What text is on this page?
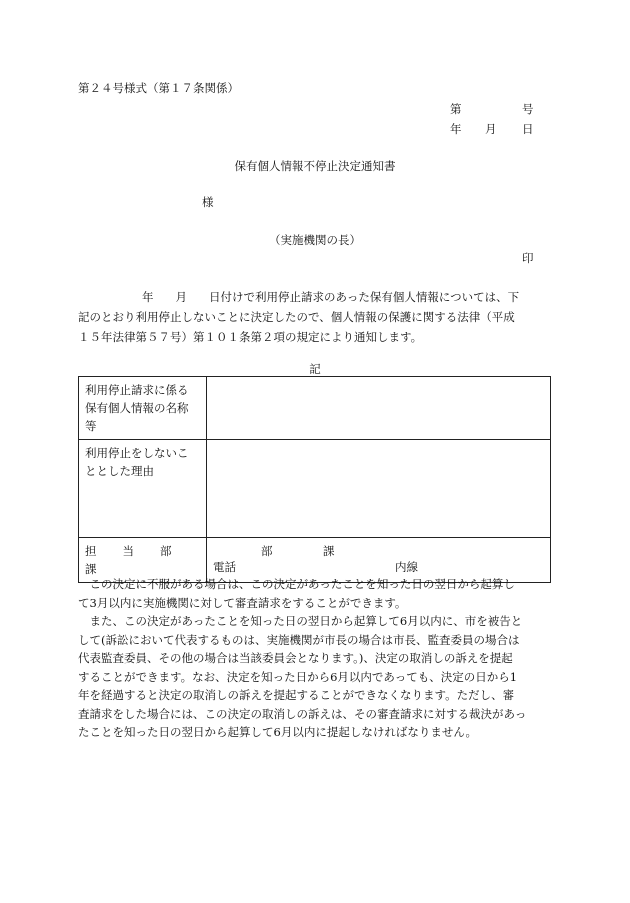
第２４号様式（第１７条関係）
第	号
年 月 日
保有個人情報不停止決定通知書
様
（実施機関の長）
印
年 月 日付けで利用停止請求のあった保有個人情報については、下
記のとおり利用停止しないことに決定したので、個人情報の保護に関する法律（平成
１５年法律第５７号）第１０１条第２項の規定により通知します。
記
利用停止請求に係る
保有個人情報の名称
等	

利用停止をしないこ
ととした理由	

担当部課	部 課
電話 内線
　この決定に不服がある場合は、この決定があったことを知った日の翌日から起算し
て3月以内に実施機関に対して審査請求をすることができます。
　また、この決定があったことを知った日の翌日から起算して6月以内に、市を被告と
して(訴訟において代表するものは、実施機関が市長の場合は市長、監査委員の場合は
代表監査委員、その他の場合は当該委員会となります。)、決定の取消しの訴えを提起
することができます。なお、決定を知った日から6月以内であっても、決定の日から1
年を経過すると決定の取消しの訴えを提起することができなくなります。ただし、審
査請求をした場合には、この決定の取消しの訴えは、その審査請求に対する裁決があっ
たことを知った日の翌日から起算して6月以内に提起しなければなりません。
